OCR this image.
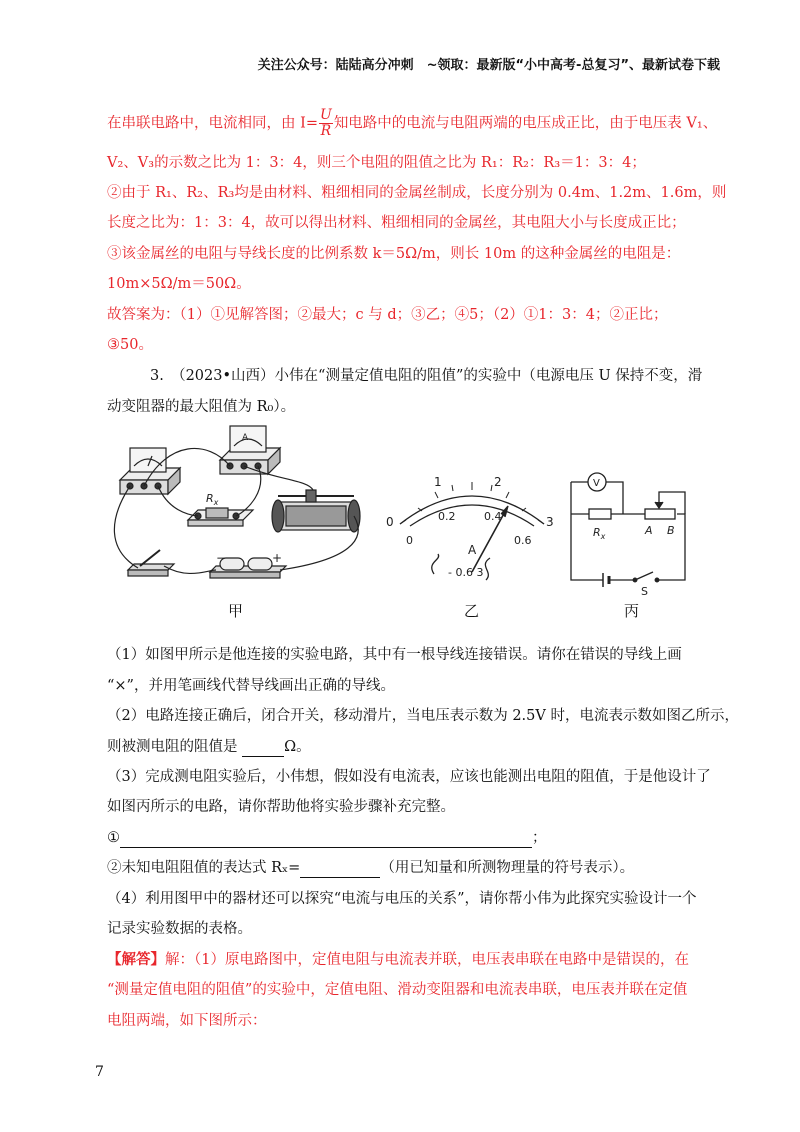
关注公众号：陆陆高分冲刺　~领取：最新版“小中高考-总复习”、最新试卷下载
在串联电路中，电流相同，由 $I= \frac{U}{R}$ 知电路中的电流与电阻两端的电压成正比，由于电压表 V₁、
V₂、V₃的示数之比为 1：3：4，则三个电阻的阻值之比为 R₁：R₂：R₃＝1：3：4；
②由于 R₁、R₂、R₃均是由材料、粗细相同的金属丝制成，长度分别为 0.4m、1.2m、1.6m，则
长度之比为：1：3：4，故可以得出材料、粗细相同的金属丝，其电阻大小与长度成正比；
③该金属丝的电阻与导线长度的比例系数 k＝5Ω/m，则长 10m 的这种金属丝的电阻是：
10m×5Ω/m＝50Ω。
故答案为：（1）①见解答图；②最大；c 与 d；③乙；④5；（2）①1：3：4；②正比；
③50。
3.　（2023•山西）小伟在“测量定值电阻的阻值”的实验中（电源电压 U 保持不变，滑
动变阻器的最大阻值为 R₀）。
A
$R_x$
−	+
甲
0
1	2
3
0
0.2	0.4
0.6
A
- 0.6 3
乙
V
$R_x$	A B
S
丙
（1）如图甲所示是他连接的实验电路，其中有一根导线连接错误。请你在错误的导线上画
“×”，并用笔画线代替导线画出正确的导线。
（2）电路连接正确后，闭合开关，移动滑片，当电压表示数为 2.5V 时，电流表示数如图乙所示，
则被测电阻的阻值是	Ω。
（3）完成测电阻实验后，小伟想，假如没有电流表，应该也能测出电阻的阻值，于是他设计了
如图丙所示的电路，请你帮助他将实验步骤补充完整。
①	；
②未知电阻阻值的表达式 Rₓ=	（用已知量和所测物理量的符号表示）。
（4）利用图甲中的器材还可以探究“电流与电压的关系”，请你帮小伟为此探究实验设计一个
记录实验数据的表格。
【解答】解：（1）原电路图中，定值电阻与电流表并联，电压表串联在电路中是错误的，在
“测量定值电阻的阻值”的实验中，定值电阻、滑动变阻器和电流表串联，电压表并联在定值
电阻两端，如下图所示：
7
